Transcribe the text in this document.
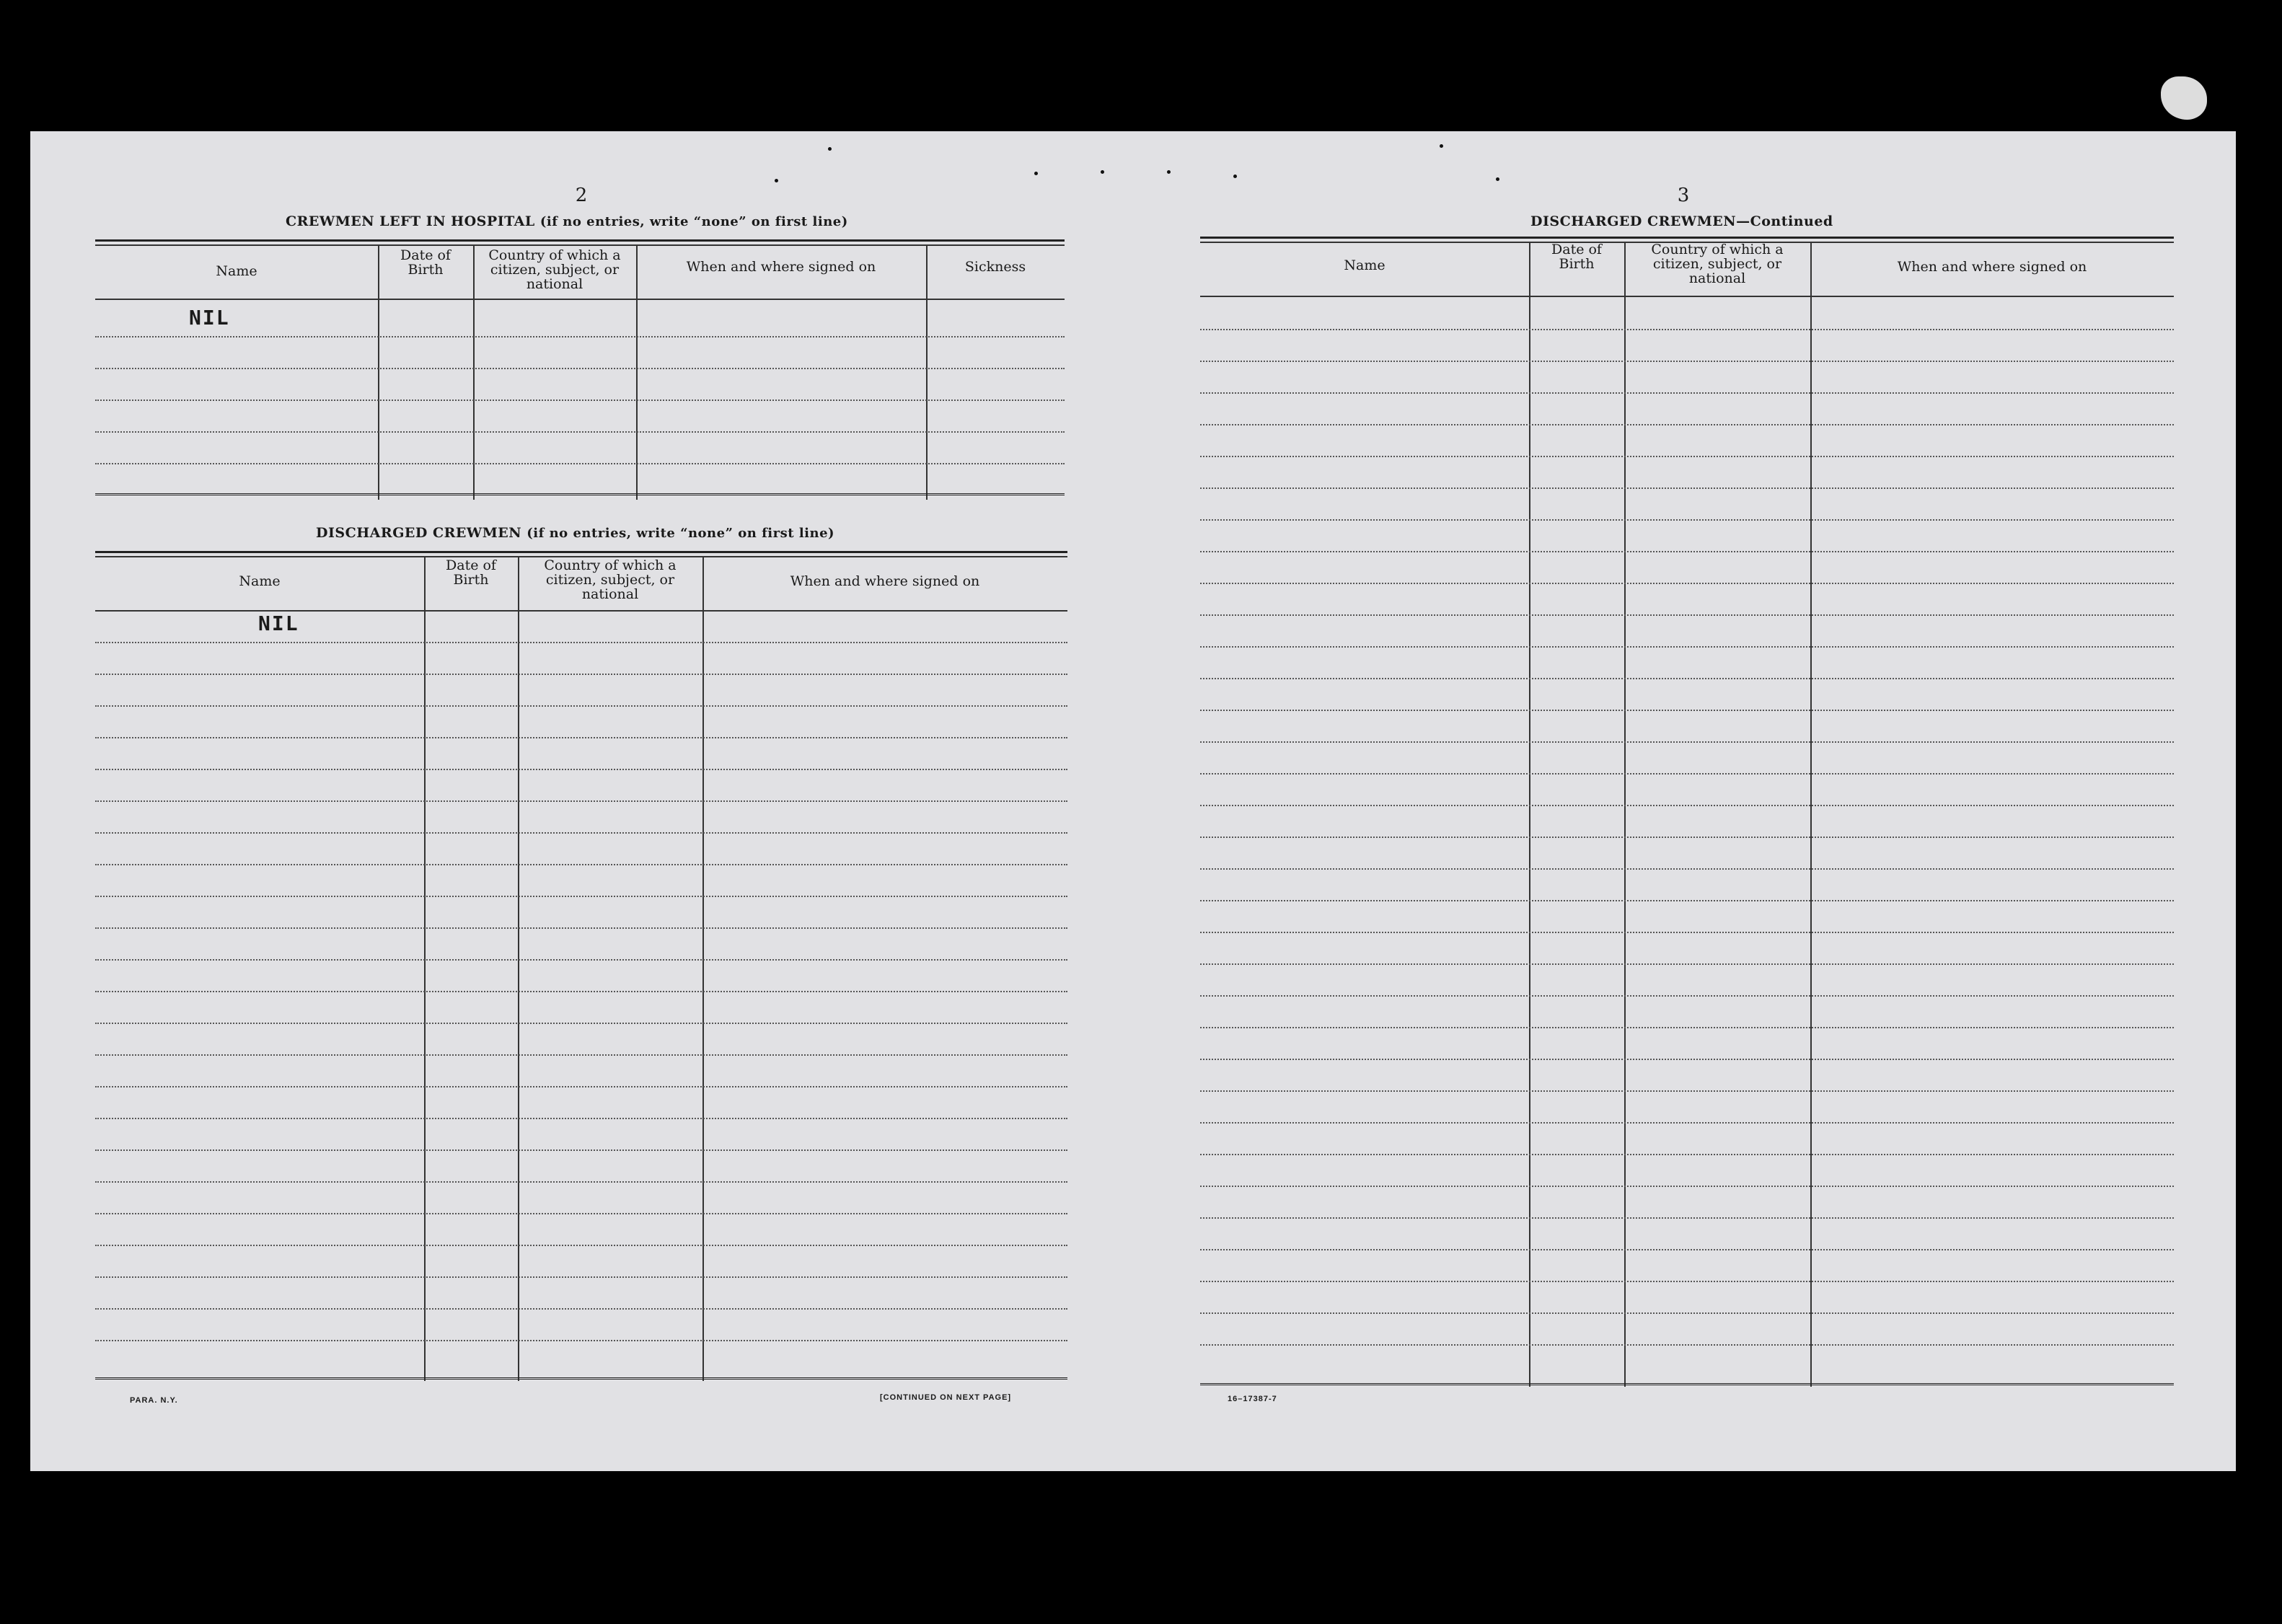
2
CREWMEN LEFT IN HOSPITAL (if no entries, write “none” on first line)
Name
Date of Birth
Country of which a citizen, subject, or national
When and where signed on	Sickness
NIL
DISCHARGED CREWMEN (if no entries, write “none” on first line)
Name
Date of Birth
Country of which a citizen, subject, or national
When and where signed on
NIL
PARA. N.Y.	[CONTINUED ON NEXT PAGE]
3
DISCHARGED CREWMEN—Continued
Name
Date of Birth
Country of which a citizen, subject, or national
When and where signed on
16–17387-7
